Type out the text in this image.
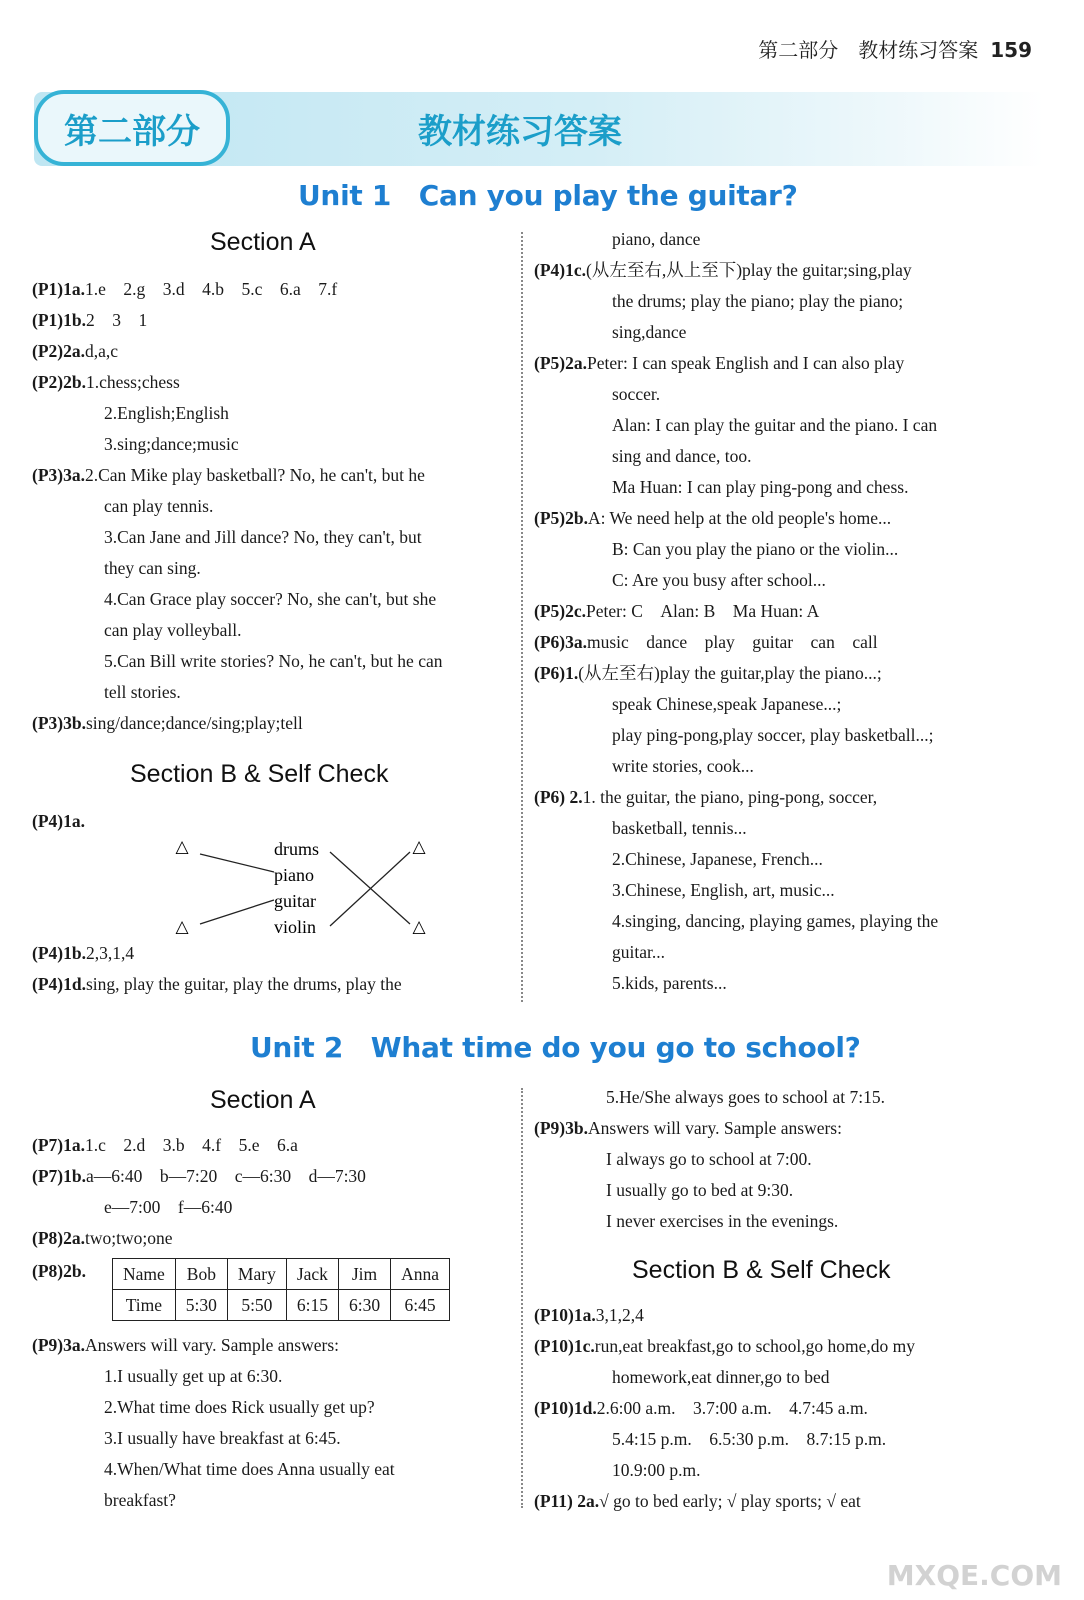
第二部分　教材练习答案 159
第二部分	教材练习答案
Unit 1　Can you play the guitar?
Section A
(P1)1a.1.e　2.g　3.d　4.b　5.c　6.a　7.f
(P1)1b.2　3　1
(P2)2a.d,a,c
(P2)2b.1.chess;chess
2.English;English
3.sing;dance;music
(P3)3a.2.Can Mike play basketball? No, he can't, but he
can play tennis.
3.Can Jane and Jill dance? No, they can't, but
they can sing.
4.Can Grace play soccer? No, she can't, but she
can play volleyball.
5.Can Bill write stories? No, he can't, but he can
tell stories.
(P3)3b.sing/dance;dance/sing;play;tell
Section B & Self Check
(P4)1a.
△
△
△
△
drums
piano
guitar
violin
(P4)1b.2,3,1,4
(P4)1d.sing, play the guitar, play the drums, play the
piano, dance
(P4)1c.(从左至右,从上至下)play the guitar;sing,play
the drums; play the piano; play the piano;
sing,dance
(P5)2a.Peter: I can speak English and I can also play
soccer.
Alan: I can play the guitar and the piano. I can
sing and dance, too.
Ma Huan: I can play ping-pong and chess.
(P5)2b.A: We need help at the old people's home...
B: Can you play the piano or the violin...
C: Are you busy after school...
(P5)2c.Peter: C　Alan: B　Ma Huan: A
(P6)3a.music　dance　play　guitar　can　call
(P6)1.(从左至右)play the guitar,play the piano...;
speak Chinese,speak Japanese...;
play ping-pong,play soccer, play basketball...;
write stories, cook...
(P6) 2.1. the guitar, the piano, ping-pong, soccer,
basketball, tennis...
2.Chinese, Japanese, French...
3.Chinese, English, art, music...
4.singing, dancing, playing games, playing the
guitar...
5.kids, parents...
Unit 2　What time do you go to school?
Section A
(P7)1a.1.c　2.d　3.b　4.f　5.e　6.a
(P7)1b.a—6:40　b—7:20　c—6:30　d—7:30
e—7:00　f—6:40
(P8)2a.two;two;one
(P8)2b. Name	Bob	Mary	Jack	Jim	Anna
Time	5:30	5:50	6:15	6:30	6:45
(P9)3a.Answers will vary. Sample answers:
1.I usually get up at 6:30.
2.What time does Rick usually get up?
3.I usually have breakfast at 6:45.
4.When/What time does Anna usually eat
breakfast?
5.He/She always goes to school at 7:15.
(P9)3b.Answers will vary. Sample answers:
I always go to school at 7:00.
I usually go to bed at 9:30.
I never exercises in the evenings.
Section B & Self Check
(P10)1a.3,1,2,4
(P10)1c.run,eat breakfast,go to school,go home,do my
homework,eat dinner,go to bed
(P10)1d.2.6:00 a.m.　3.7:00 a.m.　4.7:45 a.m.
5.4:15 p.m.　6.5:30 p.m.　8.7:15 p.m.
10.9:00 p.m.
(P11) 2a.√ go to bed early; √ play sports; √ eat
MXQE.COM
